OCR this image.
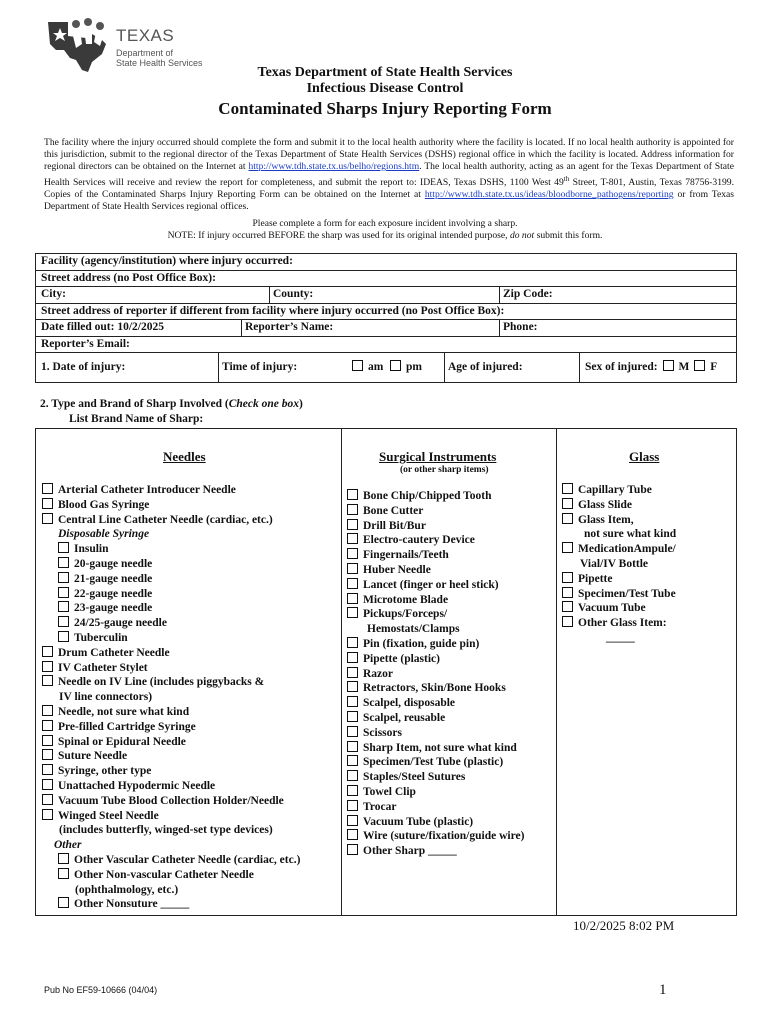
TEXAS
Department of
State Health Services
Texas Department of State Health Services
Infectious Disease Control
Contaminated Sharps Injury Reporting Form
The facility where the injury occurred should complete the form and submit it to the local health authority where the facility is located. If no local health authority is appointed for this jurisdiction, submit to the regional director of the Texas Department of State Health Services (DSHS) regional office in which the facility is located. Address information for regional directors can be obtained on the Internet at http://www.tdh.state.tx.us/belho/regions.htm. The local health authority, acting as an agent for the Texas Department of State Health Services will receive and review the report for completeness, and submit the report to: IDEAS, Texas DSHS, 1100 West 49th Street, T-801, Austin, Texas 78756-3199. Copies of the Contaminated Sharps Injury Reporting Form can be obtained on the Internet at http://www.tdh.state.tx.us/ideas/bloodborne_pathogens/reporting or from Texas Department of State Health Services regional offices.
Please complete a form for each exposure incident involving a sharp.
NOTE: If injury occurred BEFORE the sharp was used for its original intended purpose, do not submit this form.
Facility (agency/institution) where injury occurred:
Street address (no Post Office Box):
City:	County:	Zip Code:
Street address of reporter if different from facility where injury occurred (no Post Office Box):
Date filled out: 10/2/2025	Reporter’s Name:	Phone:
Reporter’s Email:
1. Date of injury:	Time of injury:	am	pm Age of injured:	Sex of injured: M F
2. Type and Brand of Sharp Involved (Check one box)
List Brand Name of Sharp:
Needles
Arterial Catheter Introducer Needle
Blood Gas Syringe
Central Line Catheter Needle (cardiac, etc.)
Disposable Syringe
Insulin
20-gauge needle
21-gauge needle
22-gauge needle
23-gauge needle
24/25-gauge needle
Tuberculin
Drum Catheter Needle
IV Catheter Stylet
Needle on IV Line (includes piggybacks &
IV line connectors)
Needle, not sure what kind
Pre-filled Cartridge Syringe
Spinal or Epidural Needle
Suture Needle
Syringe, other type
Unattached Hypodermic Needle
Vacuum Tube Blood Collection Holder/Needle
Winged Steel Needle
(includes butterfly, winged-set type devices)
Other
Other Vascular Catheter Needle (cardiac, etc.)
Other Non-vascular Catheter Needle
(ophthalmology, etc.)
Other Nonsuture _____
Surgical Instruments
(or other sharp items)
Bone Chip/Chipped Tooth
Bone Cutter
Drill Bit/Bur
Electro-cautery Device
Fingernails/Teeth
Huber Needle
Lancet (finger or heel stick)
Microtome Blade
Pickups/Forceps/
Hemostats/Clamps
Pin (fixation, guide pin)
Pipette (plastic)
Razor
Retractors, Skin/Bone Hooks
Scalpel, disposable
Scalpel, reusable
Scissors
Sharp Item, not sure what kind
Specimen/Test Tube (plastic)
Staples/Steel Sutures
Towel Clip
Trocar
Vacuum Tube (plastic)
Wire (suture/fixation/guide wire)
Other Sharp _____
Glass
Capillary Tube
Glass Slide
Glass Item,
not sure what kind
MedicationAmpule/
Vial/IV Bottle
Pipette
Specimen/Test Tube
Vacuum Tube
Other Glass Item:
_____
10/2/2025 8:02 PM
Pub No EF59-10666 (04/04)	1
